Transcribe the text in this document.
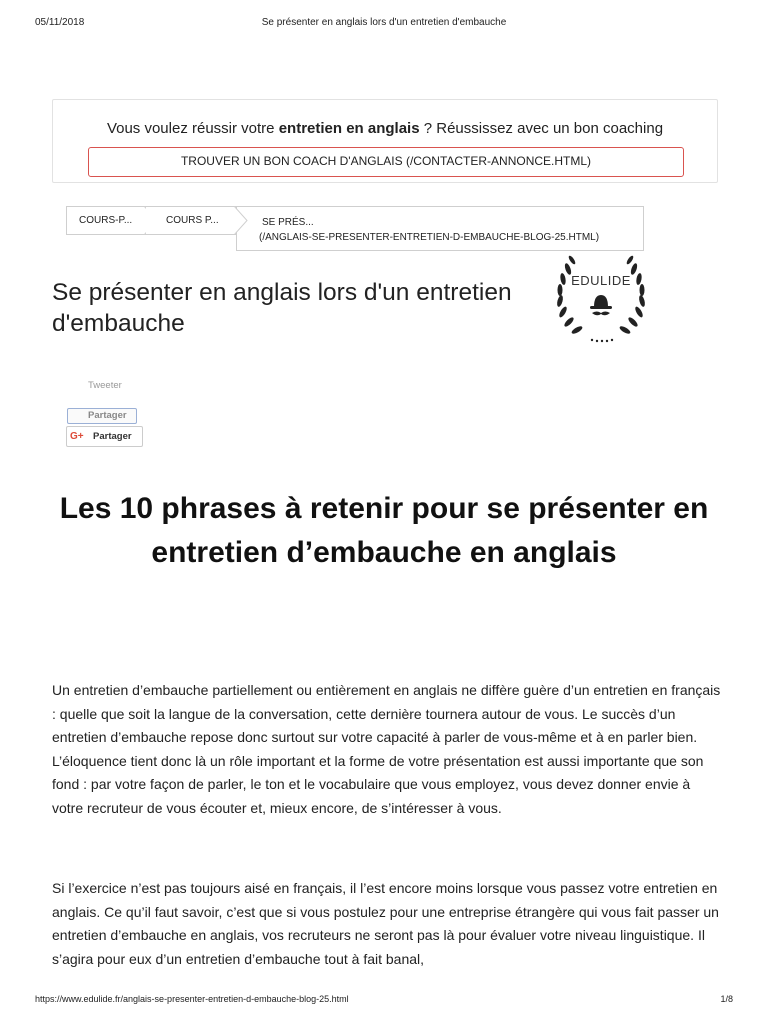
05/11/2018	Se présenter en anglais lors d'un entretien d'embauche
Vous voulez réussir votre entretien en anglais ? Réussissez avec un bon coaching
TROUVER UN BON COACH D'ANGLAIS (/CONTACTER-ANNONCE.HTML)
COURS-P...	COURS P...	SE PRÉS...
(/ANGLAIS-SE-PRESENTER-ENTRETIEN-D-EMBAUCHE-BLOG-25.HTML)
Se présenter en anglais lors d'un entretien d'embauche
EDULIDE
Tweeter
Partager
G+ Partager
Les 10 phrases à retenir pour se présenter en entretien d’embauche en anglais

Un entretien d’embauche partiellement ou entièrement en anglais ne diffère guère d’un entretien en français : quelle que soit la langue de la conversation, cette dernière tournera autour de vous. Le succès d’un entretien d’embauche repose donc surtout sur votre capacité à parler de vous-même et à en parler bien. L’éloquence tient donc là un rôle important et la forme de votre présentation est aussi importante que son fond : par votre façon de parler, le ton et le vocabulaire que vous employez, vous devez donner envie à votre recruteur de vous écouter et, mieux encore, de s’intéresser à vous.

Si l’exercice n’est pas toujours aisé en français, il l’est encore moins lorsque vous passez votre entretien en anglais. Ce qu’il faut savoir, c’est que si vous postulez pour une entreprise étrangère qui vous fait passer un entretien d’embauche en anglais, vos recruteurs ne seront pas là pour évaluer votre niveau linguistique. Il s’agira pour eux d’un entretien d’embauche tout à fait banal,

https://www.edulide.fr/anglais-se-presenter-entretien-d-embauche-blog-25.html	1/8
